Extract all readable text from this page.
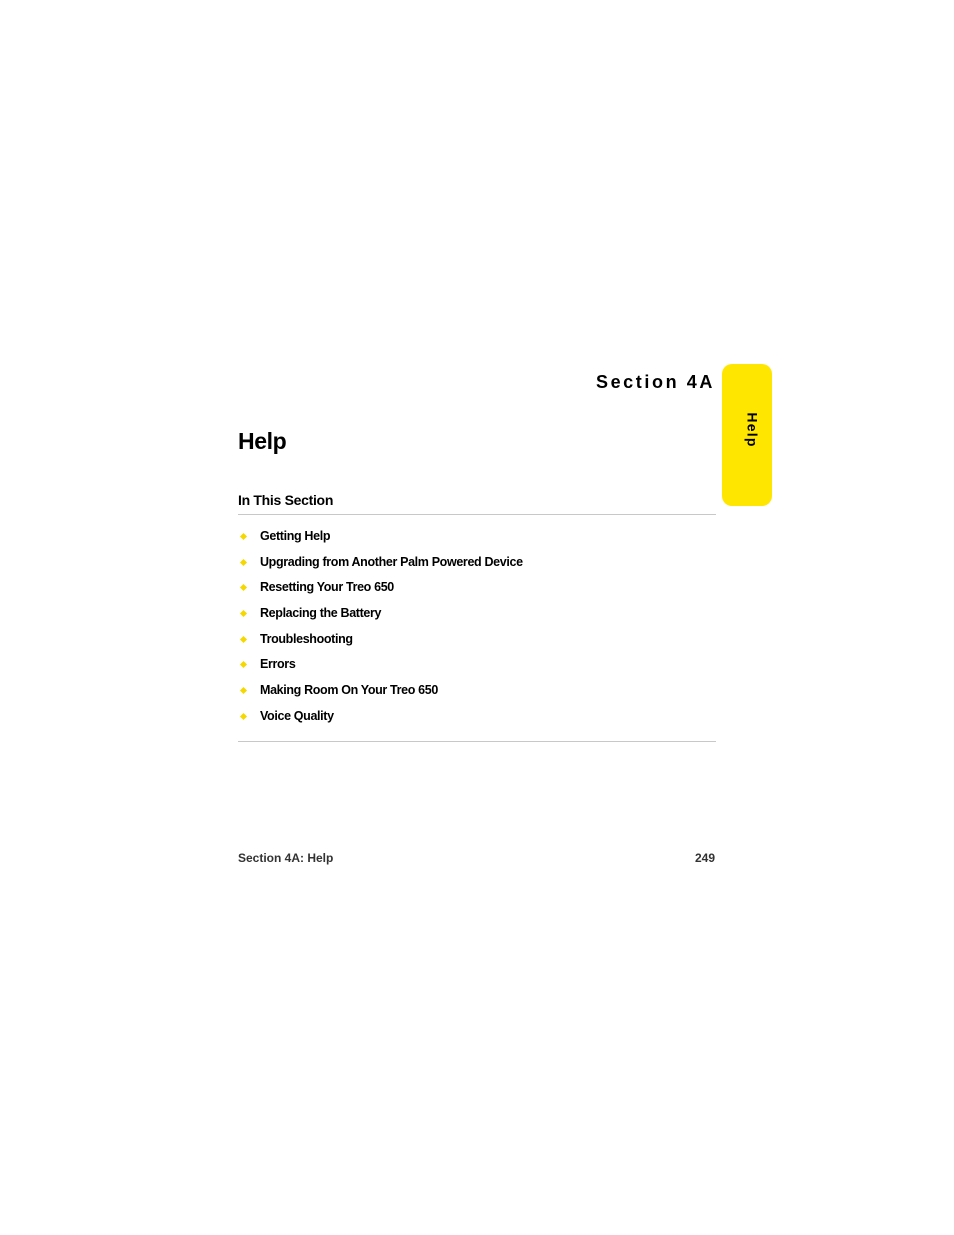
Section 4A
Help
Help
In This Section
Getting Help
Upgrading from Another Palm Powered Device
Resetting Your Treo 650
Replacing the Battery
Troubleshooting
Errors
Making Room On Your Treo 650
Voice Quality
Section 4A: Help	249
